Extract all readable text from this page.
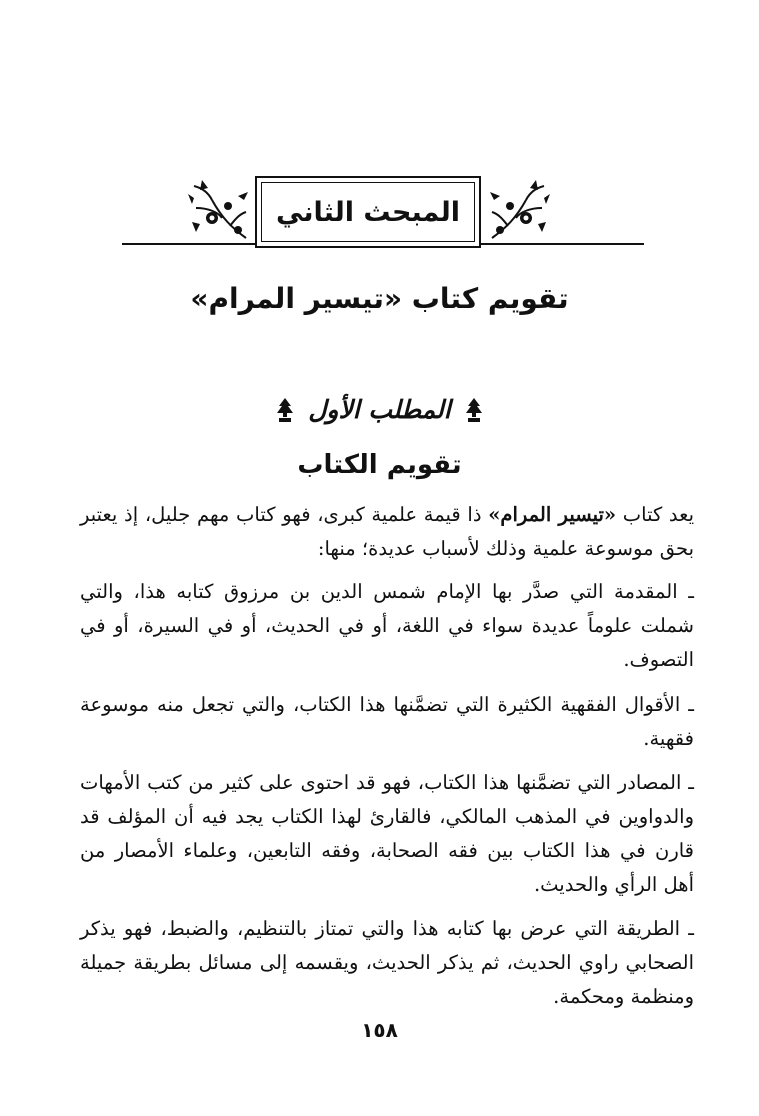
المبحث الثاني
تقويم كتاب «تيسير المرام»
المطلب الأول
تقويم الكتاب
يعد كتاب «تيسير المرام» ذا قيمة علمية كبرى، فهو كتاب مهم جليل، إذ يعتبر بحق موسوعة علمية وذلك لأسباب عديدة؛ منها:
ـ المقدمة التي صدَّر بها الإمام شمس الدين بن مرزوق كتابه هذا، والتي شملت علوماً عديدة سواء في اللغة، أو في الحديث، أو في السيرة، أو في التصوف.
ـ الأقوال الفقهية الكثيرة التي تضمَّنها هذا الكتاب، والتي تجعل منه موسوعة فقهية.
ـ المصادر التي تضمَّنها هذا الكتاب، فهو قد احتوى على كثير من كتب الأمهات والدواوين في المذهب المالكي، فالقارئ لهذا الكتاب يجد فيه أن المؤلف قد قارن في هذا الكتاب بين فقه الصحابة، وفقه التابعين، وعلماء الأمصار من أهل الرأي والحديث.
ـ الطريقة التي عرض بها كتابه هذا والتي تمتاز بالتنظيم، والضبط، فهو يذكر الصحابي راوي الحديث، ثم يذكر الحديث، ويقسمه إلى مسائل بطريقة جميلة ومنظمة ومحكمة.
١٥٨
